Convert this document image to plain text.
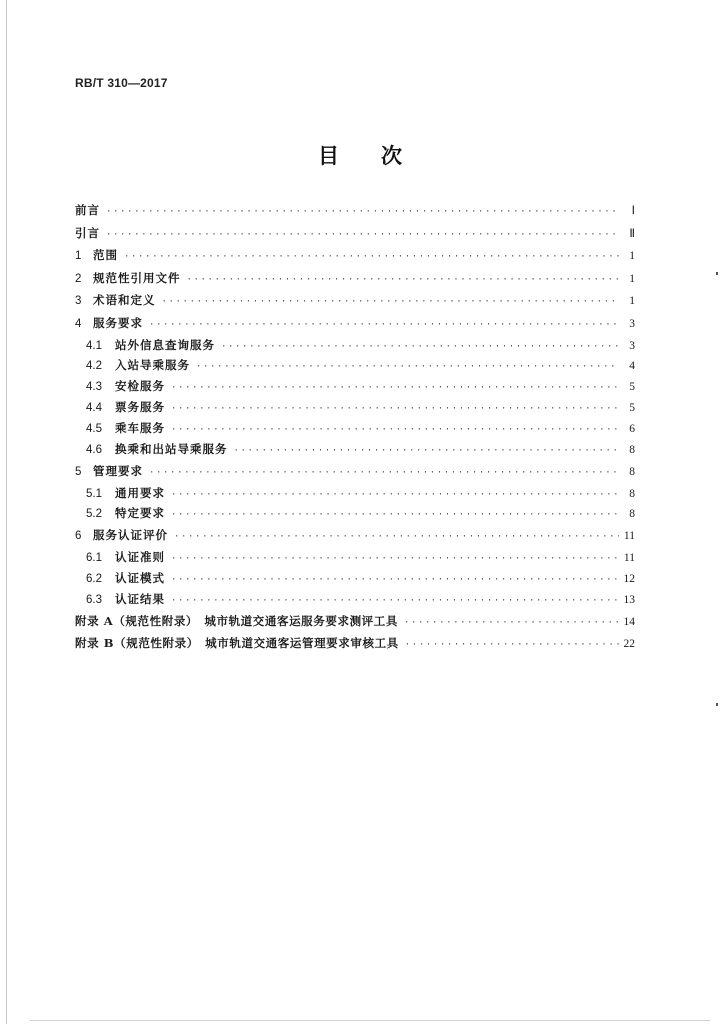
RB/T 310—2017
目次
前言 ·····	Ⅰ
引言 ·····	Ⅱ
1	范围 ·····	1
2	规范性引用文件 ·····	1
3	术语和定义 ·····	1
4	服务要求 ·····	3
4.1	站外信息查询服务 ·····	3
4.2	入站导乘服务 ·····	4
4.3	安检服务 ·····	5
4.4	票务服务 ·····	5
4.5	乘车服务 ·····	6
4.6	换乘和出站导乘服务 ·····	8
5	管理要求 ·····	8
5.1	通用要求 ·····	8
5.2	特定要求 ·····	8
6	服务认证评价 ·····	11
6.1	认证准则 ·····	11
6.2	认证模式 ·····	12
6.3	认证结果 ·····	13
附录 A（规范性附录）　城市轨道交通客运服务要求测评工具 ·····	14
附录 B（规范性附录）　城市轨道交通客运管理要求审核工具 ·····	22
